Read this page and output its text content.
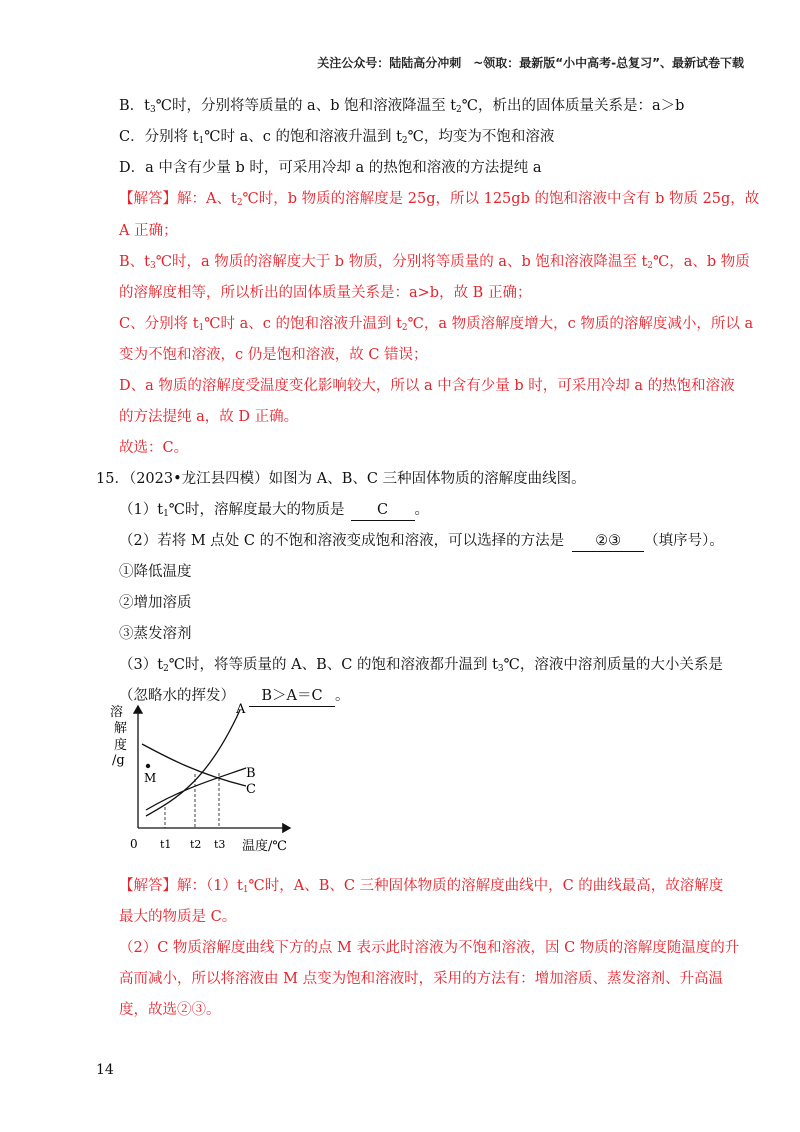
关注公众号：陆陆高分冲刺　~领取：最新版“小中高考-总复习”、最新试卷下载
B．$t_3℃$时，分别将等质量的 a、b 饱和溶液降温至 $t_2℃$，析出的固体质量关系是：a＞b
C．分别将 $t_1℃$时 a、c 的饱和溶液升温到 $t_2℃$，均变为不饱和溶液
D．a 中含有少量 b 时，可采用冷却 a 的热饱和溶液的方法提纯 a
【解答】解：A、$t_2℃$时，b 物质的溶解度是 25g，所以 125gb 的饱和溶液中含有 b 物质 25g，故
A 正确；
B、$t_3℃$时，a 物质的溶解度大于 b 物质，分别将等质量的 a、b 饱和溶液降温至 $t_2℃$，a、b 物质
的溶解度相等，所以析出的固体质量关系是：a>b，故 B 正确；
C、分别将 $t_1℃$时 a、c 的饱和溶液升温到 $t_2℃$，a 物质溶解度增大，c 物质的溶解度减小，所以 a
变为不饱和溶液，c 仍是饱和溶液，故 C 错误；
D、a 物质的溶解度受温度变化影响较大，所以 a 中含有少量 b 时，可采用冷却 a 的热饱和溶液
的方法提纯 a，故 D 正确。
故选：C。
15．（2023•龙江县四模）如图为 A、B、C 三种固体物质的溶解度曲线图。
$(1)t_1℃$时，溶解度最大的物质是 C 。
（2）若将 M 点处 C 的不饱和溶液变成饱和溶液，可以选择的方法是 ②③ （填序号）。
①降低温度
②增加溶质
③蒸发溶剂
$(3)t_2℃$时，将等质量的 A、B、C 的饱和溶液都升温到 $t_3℃$，溶液中溶剂质量的大小关系是
（忽略水的挥发） B＞A＝C 。
溶
解
度
/g
M
A
B
C
0 t1 t2 t3 温度/℃
【解答】解：$(1)t_1℃$时，A、B、C 三种固体物质的溶解度曲线中，C 的曲线最高，故溶解度
最大的物质是 C。
（2）C 物质溶解度曲线下方的点 M 表示此时溶液为不饱和溶液，因 C 物质的溶解度随温度的升
高而减小，所以将溶液由 M 点变为饱和溶液时，采用的方法有：增加溶质、蒸发溶剂、升高温
度，故选②③。
14
